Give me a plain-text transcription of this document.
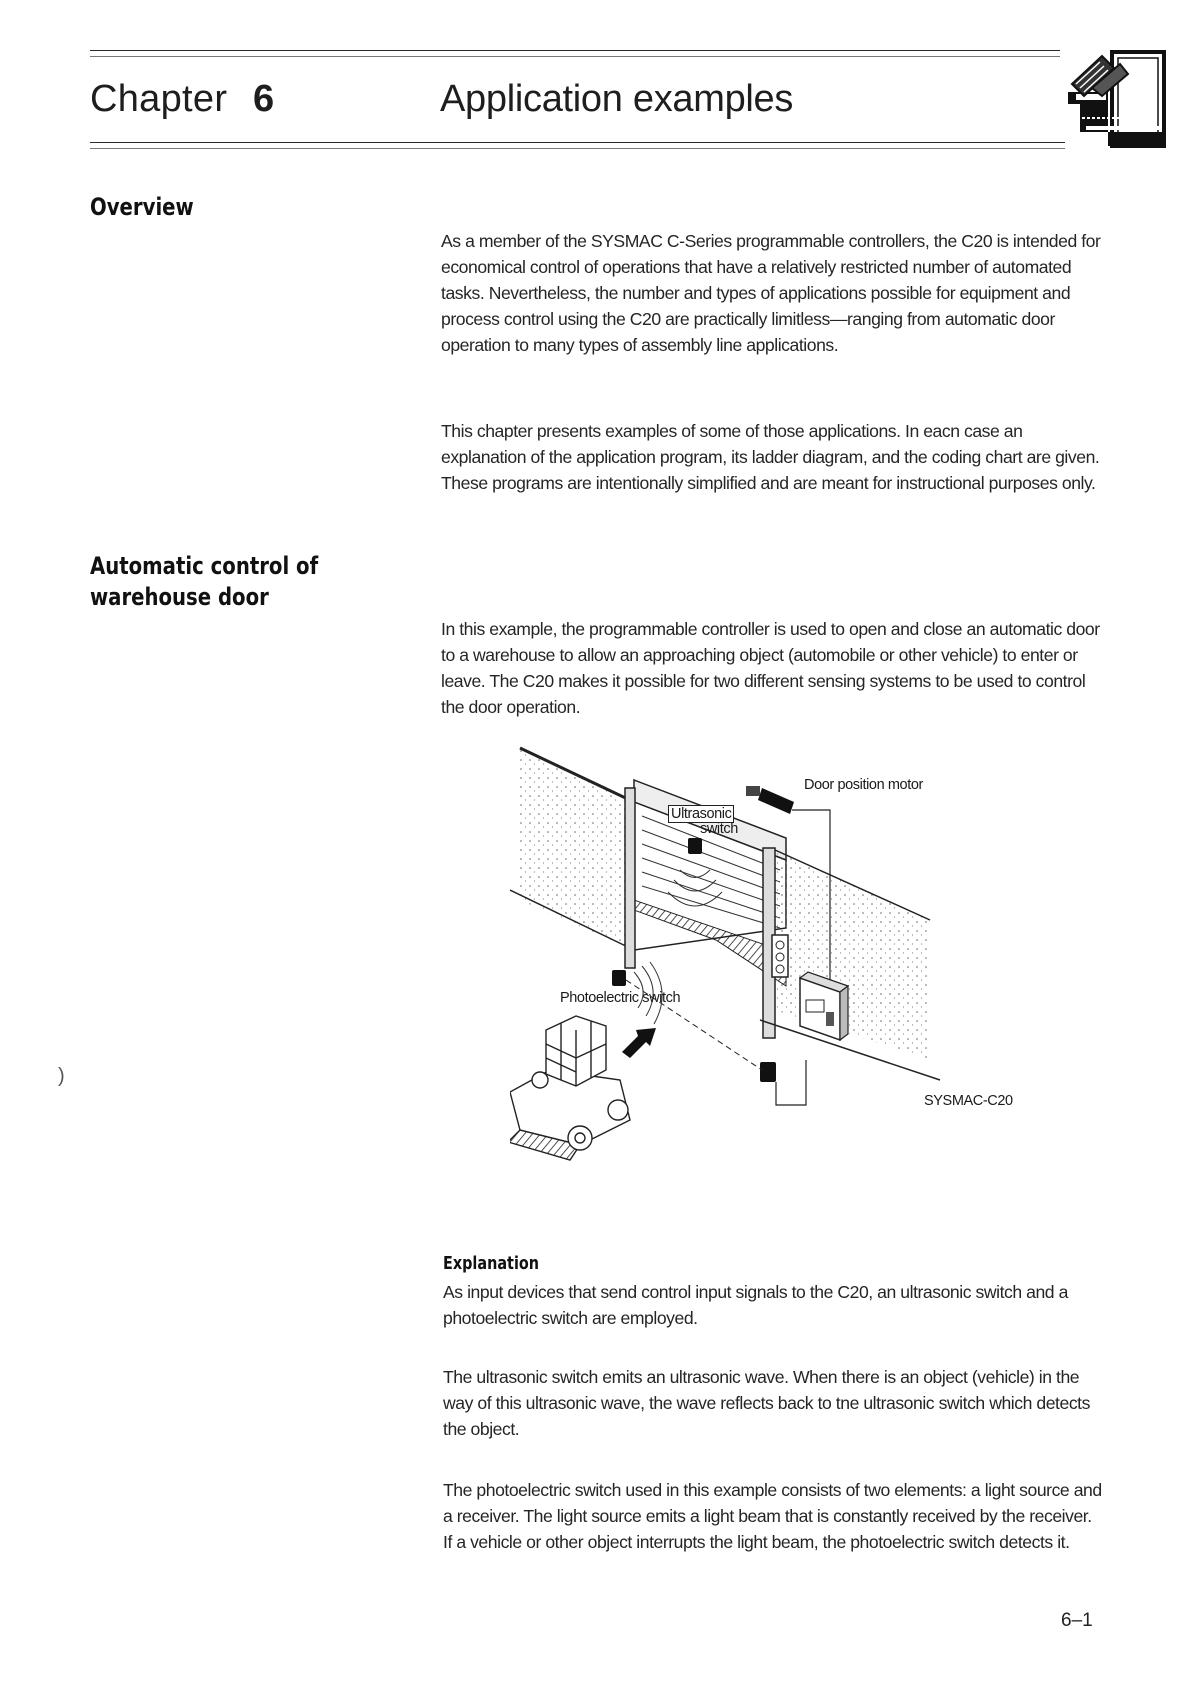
Chapter 6	Application examples
Overview

As a member of the SYSMAC C-Series programmable controllers, the C20 is intended for economical control of operations that have a relatively restricted number of automated tasks. Nevertheless, the number and types of applications possible for equipment and process control using the C20 are practically limitless—ranging from automatic door operation to many types of assembly line applications.

This chapter presents examples of some of those applications. In eacn case an explanation of the application program, its ladder diagram, and the coding chart are given. These programs are intentionally simplified and are meant for instructional purposes only.

Automatic control of
warehouse door

In this example, the programmable controller is used to open and close an automatic door to a warehouse to allow an approaching object (automobile or other vehicle) to enter or leave. The C20 makes it possible for two different sensing systems to be used to control the door operation.

Door position motor
Ultrasonic
switch
Photoelectric switch
SYSMAC-C20
Explanation

As input devices that send control input signals to the C20, an ultrasonic switch and a photoelectric switch are employed.

The ultrasonic switch emits an ultrasonic wave. When there is an object (vehicle) in the way of this ultrasonic wave, the wave reflects back to tne ultrasonic switch which detects the object.

The photoelectric switch used in this example consists of two elements: a light source and a receiver. The light source emits a light beam that is constantly received by the receiver. If a vehicle or other object interrupts the light beam, the photoelectric switch detects it.

)
6–1
